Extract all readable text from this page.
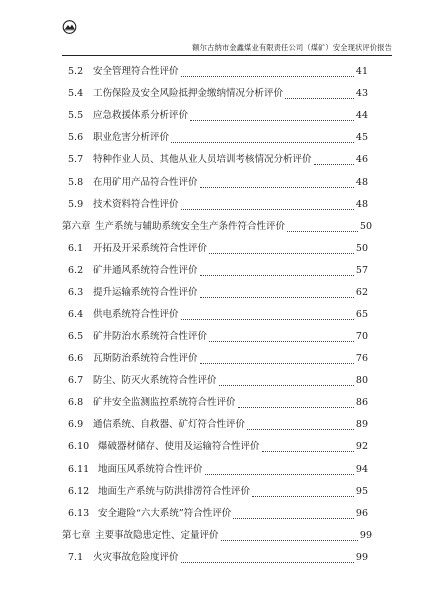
额尔古纳市金鑫煤业有限责任公司（煤矿）安全现状评价报告
5.2 安全管理符合性评价	41
5.4 工伤保险及安全风险抵押金缴纳情况分析评价	43
5.5 应急救援体系分析评价	44
5.6 职业危害分析评价	45
5.7 特种作业人员、其他从业人员培训考核情况分析评价	46
5.8 在用矿用产品符合性评价	48
5.9 技术资料符合性评价	48
第六章 生产系统与辅助系统安全生产条件符合性评价	50
6.1 开拓及开采系统符合性评价	50
6.2 矿井通风系统符合性评价	57
6.3 提升运输系统符合性评价	62
6.4 供电系统符合性评价	65
6.5 矿井防治水系统符合性评价	70
6.6 瓦斯防治系统符合性评价	76
6.7 防尘、防灭火系统符合性评价	80
6.8 矿井安全监测监控系统符合性评价	86
6.9 通信系统、自救器、矿灯符合性评价	89
6.10 爆破器材储存、使用及运输符合性评价	92
6.11 地面压风系统符合性评价	94
6.12 地面生产系统与防洪排涝符合性评价	95
6.13 安全避险“六大系统”符合性评价	96
第七章 主要事故隐患定性、定量评价	99
7.1 火灾事故危险度评价	99
